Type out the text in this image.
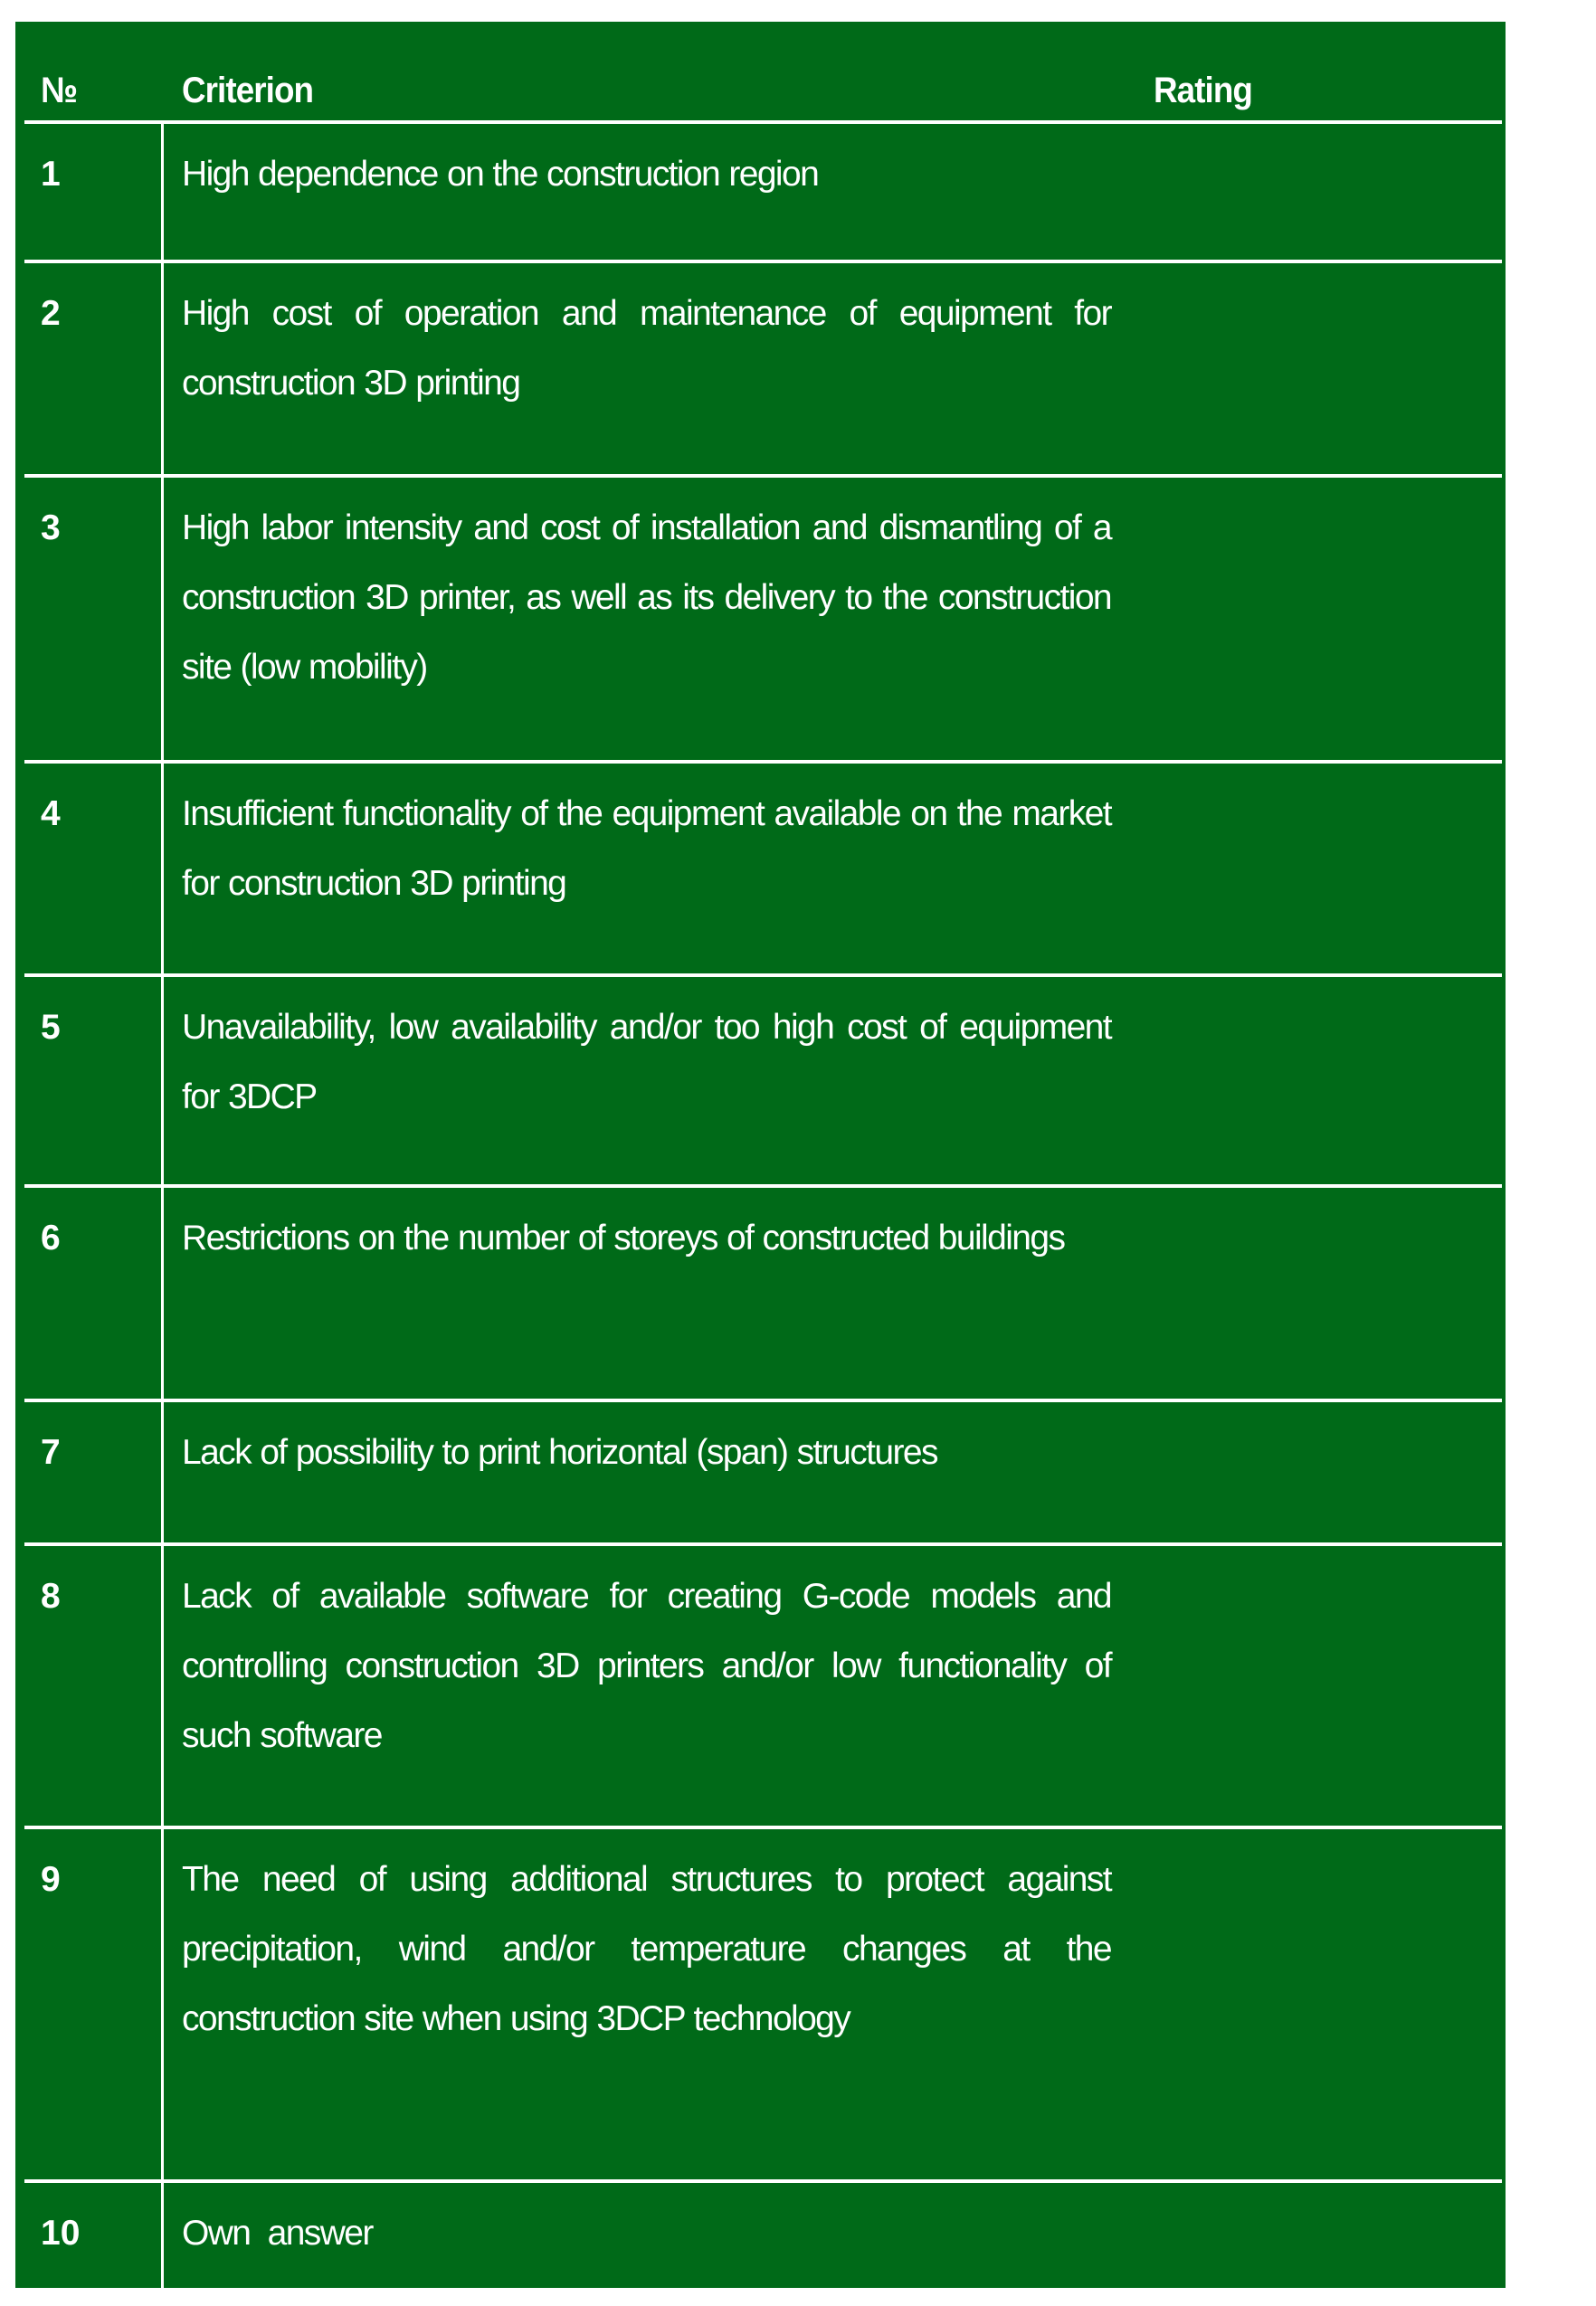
№	Criterion	Rating
1	High dependence on the construction region
2	High cost of operation and maintenance of equipment for construction 3D printing
3	High labor intensity and cost of installation and dismantling of a construction 3D printer, as well as its delivery to the construction site (low mobility)
4	Insufficient functionality of the equipment available on the market for construction 3D printing
5	Unavailability, low availability and/or too high cost of equipment for 3DCP
6	Restrictions on the number of storeys of constructed buildings
7	Lack of possibility to print horizontal (span) structures
8	Lack of available software for creating G-code models and controlling construction 3D printers and/or low functionality of such software
9	The need of using additional structures to protect against precipitation, wind and/or temperature changes at the construction site when using 3DCP technology
10	Own answer
